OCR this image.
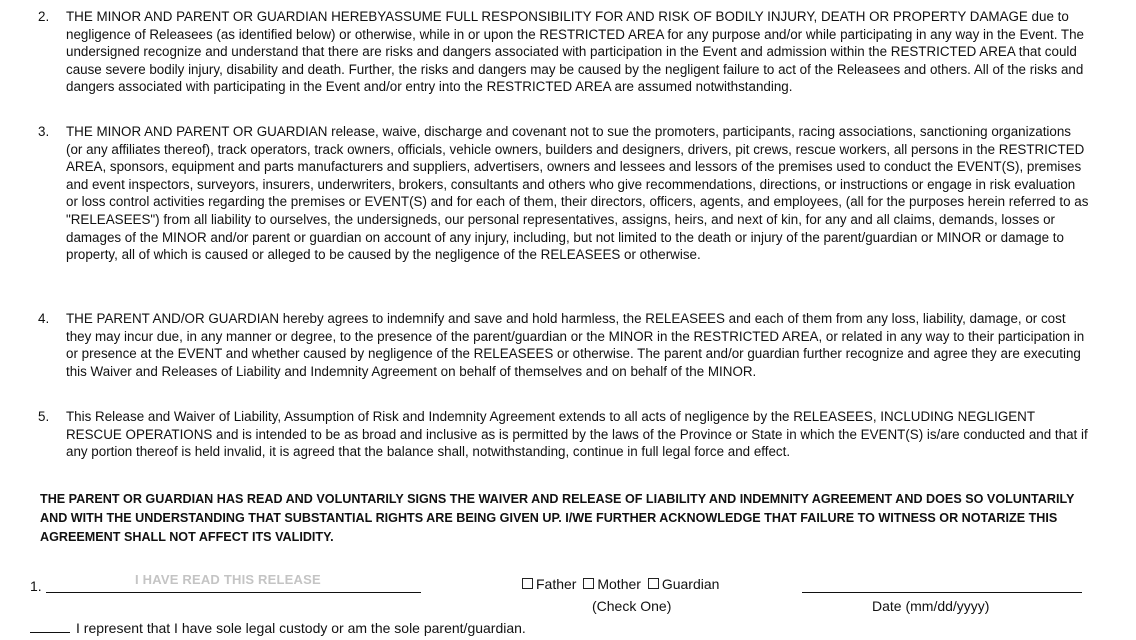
2. THE MINOR AND PARENT OR GUARDIAN HEREBYASSUME FULL RESPONSIBILITY FOR AND RISK OF BODILY INJURY, DEATH OR PROPERTY DAMAGE due to negligence of Releasees (as identified below) or otherwise, while in or upon the RESTRICTED AREA for any purpose and/or while participating in any way in the Event. The undersigned recognize and understand that there are risks and dangers associated with participation in the Event and admission within the RESTRICTED AREA that could cause severe bodily injury, disability and death. Further, the risks and dangers may be caused by the negligent failure to act of the Releasees and others. All of the risks and dangers associated with participating in the Event and/or entry into the RESTRICTED AREA are assumed notwithstanding.
3. THE MINOR AND PARENT OR GUARDIAN release, waive, discharge and covenant not to sue the promoters, participants, racing associations, sanctioning organizations (or any affiliates thereof), track operators, track owners, officials, vehicle owners, builders and designers, drivers, pit crews, rescue workers, all persons in the RESTRICTED AREA, sponsors, equipment and parts manufacturers and suppliers, advertisers, owners and lessees and lessors of the premises used to conduct the EVENT(S), premises and event inspectors, surveyors, insurers, underwriters, brokers, consultants and others who give recommendations, directions, or instructions or engage in risk evaluation or loss control activities regarding the premises or EVENT(S) and for each of them, their directors, officers, agents, and employees, (all for the purposes herein referred to as "RELEASEES") from all liability to ourselves, the undersigneds, our personal representatives, assigns, heirs, and next of kin, for any and all claims, demands, losses or damages of the MINOR and/or parent or guardian on account of any injury, including, but not limited to the death or injury of the parent/guardian or MINOR or damage to property, all of which is caused or alleged to be caused by the negligence of the RELEASEES or otherwise.
4. THE PARENT AND/OR GUARDIAN hereby agrees to indemnify and save and hold harmless, the RELEASEES and each of them from any loss, liability, damage, or cost they may incur due, in any manner or degree, to the presence of the parent/guardian or the MINOR in the RESTRICTED AREA, or related in any way to their participation in or presence at the EVENT and whether caused by negligence of the RELEASEES or otherwise. The parent and/or guardian further recognize and agree they are executing this Waiver and Releases of Liability and Indemnity Agreement on behalf of themselves and on behalf of the MINOR.
5. This Release and Waiver of Liability, Assumption of Risk and Indemnity Agreement extends to all acts of negligence by the RELEASEES, INCLUDING NEGLIGENT RESCUE OPERATIONS and is intended to be as broad and inclusive as is permitted by the laws of the Province or State in which the EVENT(S) is/are conducted and that if any portion thereof is held invalid, it is agreed that the balance shall, notwithstanding, continue in full legal force and effect.
THE PARENT OR GUARDIAN HAS READ AND VOLUNTARILY SIGNS THE WAIVER AND RELEASE OF LIABILITY AND INDEMNITY AGREEMENT AND DOES SO VOLUNTARILY AND WITH THE UNDERSTANDING THAT SUBSTANTIAL RIGHTS ARE BEING GIVEN UP. I/WE FURTHER ACKNOWLEDGE THAT FAILURE TO WITNESS OR NOTARIZE THIS AGREEMENT SHALL NOT AFFECT ITS VALIDITY.
1.	I HAVE READ THIS RELEASE	Father Mother Guardian
(Check One)	Date (mm/dd/yyyy)
I represent that I have sole legal custody or am the sole parent/guardian.
